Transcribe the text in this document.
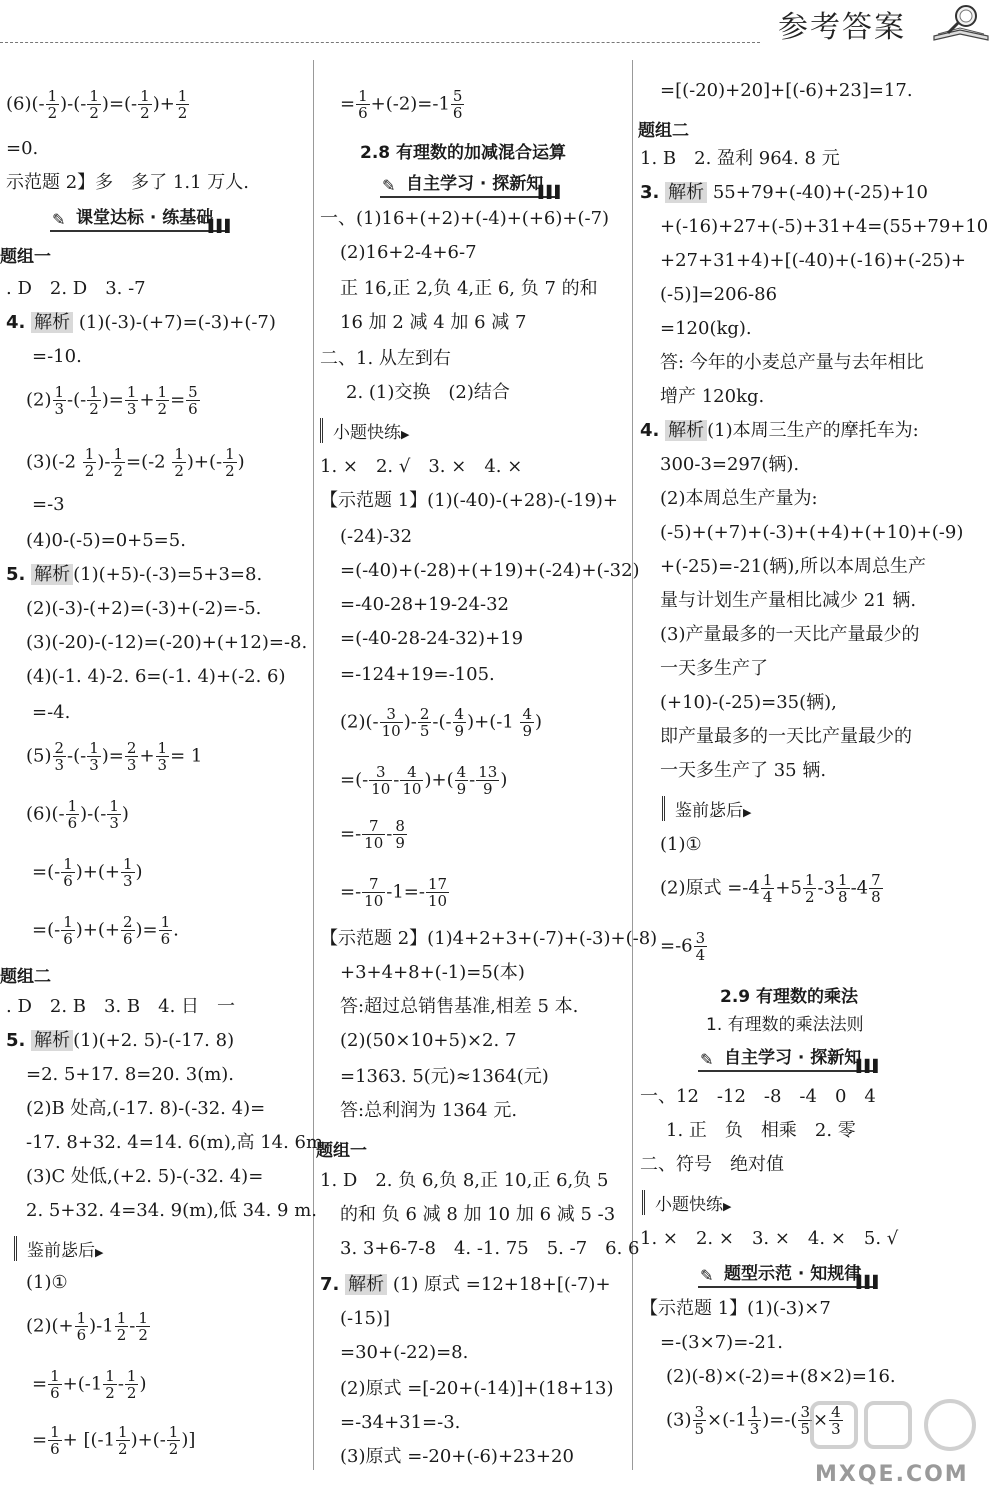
参考答案
$(6)(- \frac{1}{2}$ )-(- $\frac{1}{2}$ )=(- $\frac{1}{2}$ )+ $\frac{1}{2}$
=0.
示范题 2】多　多了 1.1 万人.
✎ 课堂达标 · 练基础
▌▌▌
题组一
. D　2. D　3. -7
4. 解析 (1)(-3)-(+7)=(-3)+(-7)
=-10.
$(2) \frac{1}{3}$ -(- $\frac{1}{2}$ )= $\frac{1}{3} + \frac{1}{2} = \frac{5}{6}$
$(3)(-2 \frac{1}{2}$ )- $\frac{1}{2} =(-2 \frac{1}{2}$ )+(- $\frac{1}{2}$ )
=-3
(4)0-(-5)=0+5=5.
5. 解析 (1)(+5)-(-3)=5+3=8.
(2)(-3)-(+2)=(-3)+(-2)=-5.
(3)(-20)-(-12)=(-20)+(+12)=-8.
(4)(-1. 4)-2. 6=(-1. 4)+(-2. 6)
=-4.
$(5) \frac{2}{3}$ -(- $\frac{1}{3}$ )= $\frac{2}{3} + \frac{1}{3} = 1$
$(6)(- \frac{1}{6}$ )-(- $\frac{1}{3}$ )
=(- $\frac{1}{6}$ )+(+ $\frac{1}{3}$ )
=(- $\frac{1}{6}$ )+(+ $\frac{2}{6}$ )= $\frac{1}{6}$ .
题组二
. D　2. B　3. B　4. 日　一
5. 解析 (1)(+2. 5)-(-17. 8)
=2. 5+17. 8=20. 3(m).
(2)B 处高,(-17. 8)-(-32. 4)=
-17. 8+32. 4=14. 6(m),高 14. 6m.
(3)C 处低,(+2. 5)-(-32. 4)=
2. 5+32. 4=34. 9(m),低 34. 9 m.
鉴前毖后▶
(1)①
$(2)(+ \frac{1}{6} )-1 \frac{1}{2} - \frac{1}{2}$
= $\frac{1}{6} +(-1 \frac{1}{2} - \frac{1}{2}$ )
= $\frac{1}{6} + [(-1 \frac{1}{2}$ )+(- $\frac{1}{2}$ )]
= $\frac{1}{6} +(-2)=-1 \frac{5}{6}$
2.8 有理数的加减混合运算
✎ 自主学习 · 探新知
▌▌▌
一、(1)16+(+2)+(-4)+(+6)+(-7)
(2)16+2-4+6-7
正 16,正 2,负 4,正 6, 负 7 的和
16 加 2 减 4 加 6 减 7
二、1. 从左到右
2. (1)交换　(2)结合
小题快练▶
1. ×　2. √　3. ×　4. ×
【示范题 1】(1)(-40)-(+28)-(-19)+
(-24)-32
=(-40)+(-28)+(+19)+(-24)+(-32)
=-40-28+19-24-32
=(-40-28-24-32)+19
=-124+19=-105.
$(2)(- \frac{3}{10}$ )- $\frac{2}{5}$ -(- $\frac{4}{9} )+(-1 \frac{4}{9}$ )
=(- $\frac{3}{10} - \frac{4}{10}$ )+( $\frac{4}{9} - \frac{13}{9}$ )
=- $\frac{7}{10} - \frac{8}{9}$
=- $\frac{7}{10} -1=- \frac{17}{10}$
【示范题 2】(1)4+2+3+(-7)+(-3)+(-8)
+3+4+8+(-1)=5(本)
答:超过总销售基准,相差 5 本.
(2)(50×10+5)×2. 7
=1363. 5(元)≈1364(元)
答:总利润为 1364 元.
题组一
1. D　2. 负 6,负 8,正 10,正 6,负 5
的和 负 6 减 8 加 10 加 6 减 5 -3
3. 3+6-7-8　4. -1. 75　5. -7　6. 6
7. 解析 (1) 原式 =12+18+[(-7)+
(-15)]
=30+(-22)=8.
(2)原式 =[-20+(-14)]+(18+13)
=-34+31=-3.
(3)原式 =-20+(-6)+23+20
=[(-20)+20]+[(-6)+23]=17.
题组二
1. B　2. 盈利 964. 8 元
3. 解析 55+79+(-40)+(-25)+10
+(-16)+27+(-5)+31+4=(55+79+10
+27+31+4)+[(-40)+(-16)+(-25)+
(-5)]=206-86
=120(kg).
答: 今年的小麦总产量与去年相比
增产 120kg.
4. 解析 (1)本周三生产的摩托车为:
300-3=297(辆).
(2)本周总生产量为:
(-5)+(+7)+(-3)+(+4)+(+10)+(-9)
+(-25)=-21(辆),所以本周总生产
量与计划生产量相比减少 21 辆.
(3)产量最多的一天比产量最少的
一天多生产了
(+10)-(-25)=35(辆),
即产量最多的一天比产量最少的
一天多生产了 35 辆.
鉴前毖后▶
(1)①
(2)原式 $=-4 \frac{1}{4} +5 \frac{1}{2} -3 \frac{1}{8} -4 \frac{7}{8}$
$=-6 \frac{3}{4}$
2.9 有理数的乘法
1. 有理数的乘法法则
✎ 自主学习 · 探新知
▌▌▌
一、12　-12　-8　-4　0　4
1. 正　负　相乘　2. 零
二、符号　绝对值
小题快练▶
1. ×　2. ×　3. ×　4. ×　5. √
✎ 题型示范 · 知规律
▌▌▌
【示范题 1】(1)(-3)×7
=-(3×7)=-21.
(2)(-8)×(-2)=+(8×2)=16.
$(3) \frac{3}{5} \times(-1 \frac{1}{3}$ )=-( $\frac{3}{5} \times \frac{4}{3}$
MXQE.COM
